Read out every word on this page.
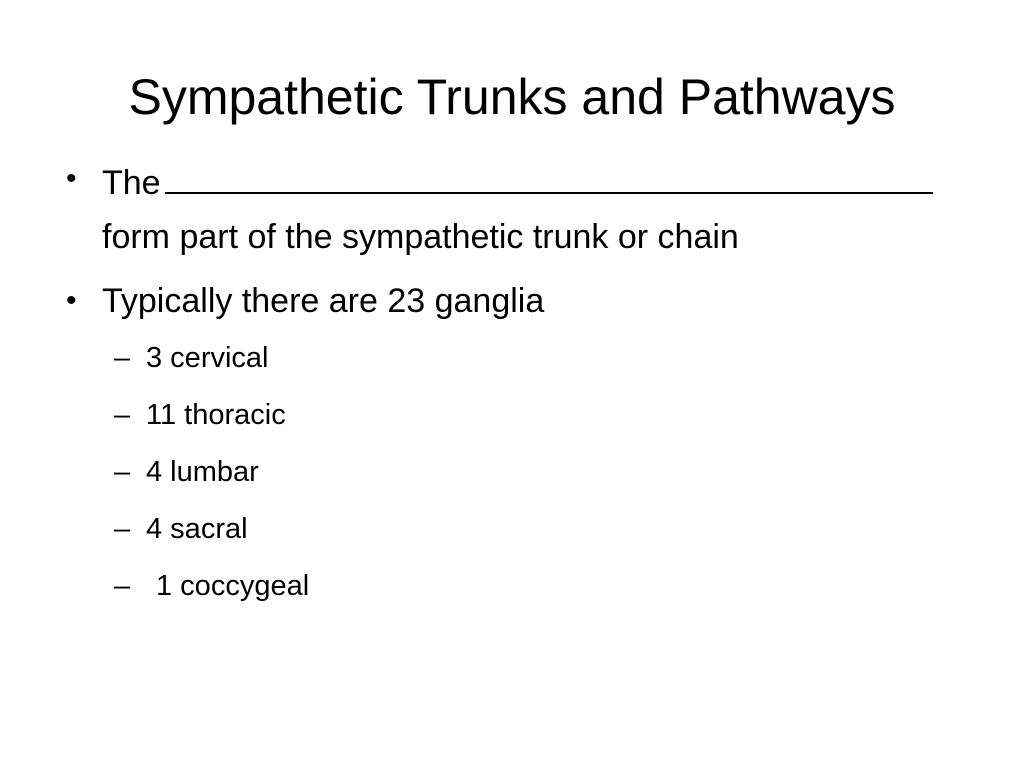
Sympathetic Trunks and Pathways
• The
form part of the sympathetic trunk or chain
• Typically there are 23 ganglia
– 3 cervical
– 11 thoracic
– 4 lumbar
– 4 sacral
– 1 coccygeal
